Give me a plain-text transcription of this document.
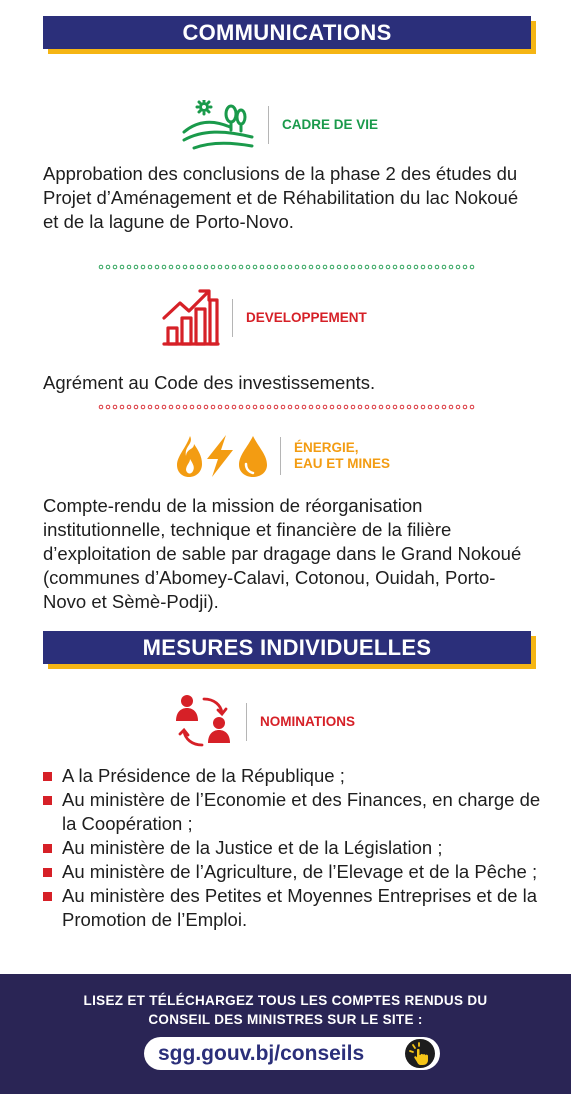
COMMUNICATIONS
CADRE DE VIE
Approbation des conclusions de la phase 2 des études du Projet d’Aménagement et de Réhabilitation du lac Nokoué et de la lagune de Porto-Novo.
DEVELOPPEMENT
Agrément au Code des investissements.
ÉNERGIE,
EAU ET MINES
Compte-rendu de la mission de réorganisation institutionnelle, technique et financière de la filière d’exploitation de sable par dragage dans le Grand Nokoué (communes d’Abomey-Calavi, Cotonou, Ouidah, Porto-Novo et Sèmè-Podji).
MESURES INDIVIDUELLES
NOMINATIONS
A la Présidence de la République ;
Au ministère de l’Economie et des Finances, en charge de la Coopération ;
Au ministère de la Justice et de la Législation ;
Au ministère de l’Agriculture, de l’Elevage et de la Pêche ;
Au ministère des Petites et Moyennes Entreprises et de la Promotion de l’Emploi.
LISEZ ET TÉLÉCHARGEZ TOUS LES COMPTES RENDUS DU
CONSEIL DES MINISTRES SUR LE SITE :
sgg.gouv.bj/conseils
